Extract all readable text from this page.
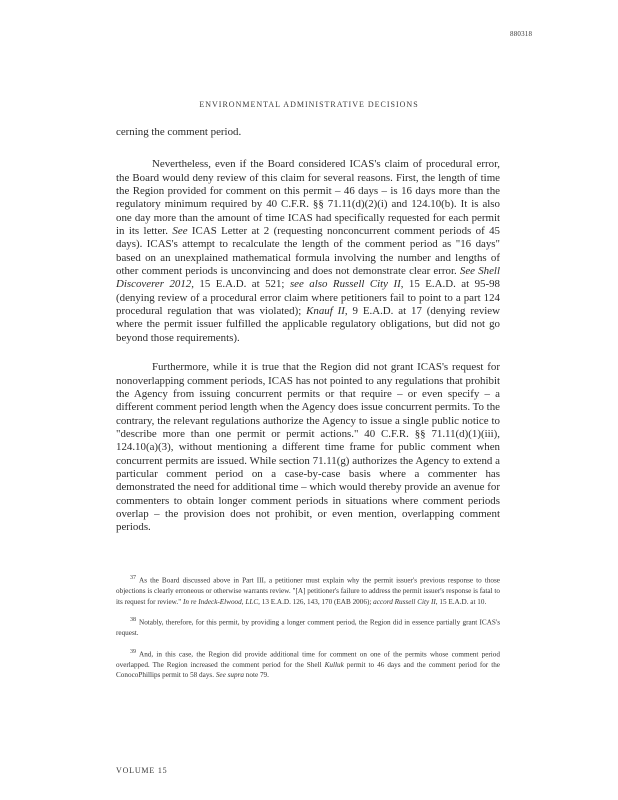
880318
ENVIRONMENTAL ADMINISTRATIVE DECISIONS

cerning the comment period.

Nevertheless, even if the Board considered ICAS's claim of procedural error, the Board would deny review of this claim for several reasons. First, the length of time the Region provided for comment on this permit – 46 days – is 16 days more than the regulatory minimum required by 40 C.F.R. §§ 71.11(d)(2)(i) and 124.10(b). It is also one day more than the amount of time ICAS had specifically requested for each permit in its letter. See ICAS Letter at 2 (requesting nonconcurrent comment periods of 45 days). ICAS's attempt to recalculate the length of the comment period as "16 days" based on an unexplained mathematical formula involving the number and lengths of other comment periods is unconvincing and does not demonstrate clear error. See Shell Discoverer 2012, 15 E.A.D. at 521; see also Russell City II, 15 E.A.D. at 95-98 (denying review of a procedural error claim where petitioners fail to point to a part 124 procedural regulation that was violated); Knauf II, 9 E.A.D. at 17 (denying review where the permit issuer fulfilled the applicable regulatory obligations, but did not go beyond those requirements).

Furthermore, while it is true that the Region did not grant ICAS's request for nonoverlapping comment periods, ICAS has not pointed to any regulations that prohibit the Agency from issuing concurrent permits or that require – or even specify – a different comment period length when the Agency does issue concurrent permits. To the contrary, the relevant regulations authorize the Agency to issue a single public notice to "describe more than one permit or permit actions." 40 C.F.R. §§ 71.11(d)(1)(iii), 124.10(a)(3), without mentioning a different time frame for public comment when concurrent permits are issued. While section 71.11(g) authorizes the Agency to extend a particular comment period on a case-by-case basis where a commenter has demonstrated the need for additional time – which would thereby provide an avenue for commenters to obtain longer comment periods in situations where comment periods overlap – the provision does not prohibit, or even mention, overlapping comment periods.

$^{37}$ As the Board discussed above in Part III, a petitioner must explain why the permit issuer's previous response to those objections is clearly erroneous or otherwise warrants review. "[A] petitioner's failure to address the permit issuer's response is fatal to its request for review." In re Indeck-Elwood, LLC, 13 E.A.D. 126, 143, 170 (EAB 2006); accord Russell City II, 15 E.A.D. at 10.

$^{38}$ Notably, therefore, for this permit, by providing a longer comment period, the Region did in essence partially grant ICAS's request.

$^{39}$ And, in this case, the Region did provide additional time for comment on one of the permits whose comment period overlapped. The Region increased the comment period for the Shell Kulluk permit to 46 days and the comment period for the ConocoPhillips permit to 58 days. See supra note 79.

VOLUME 15
